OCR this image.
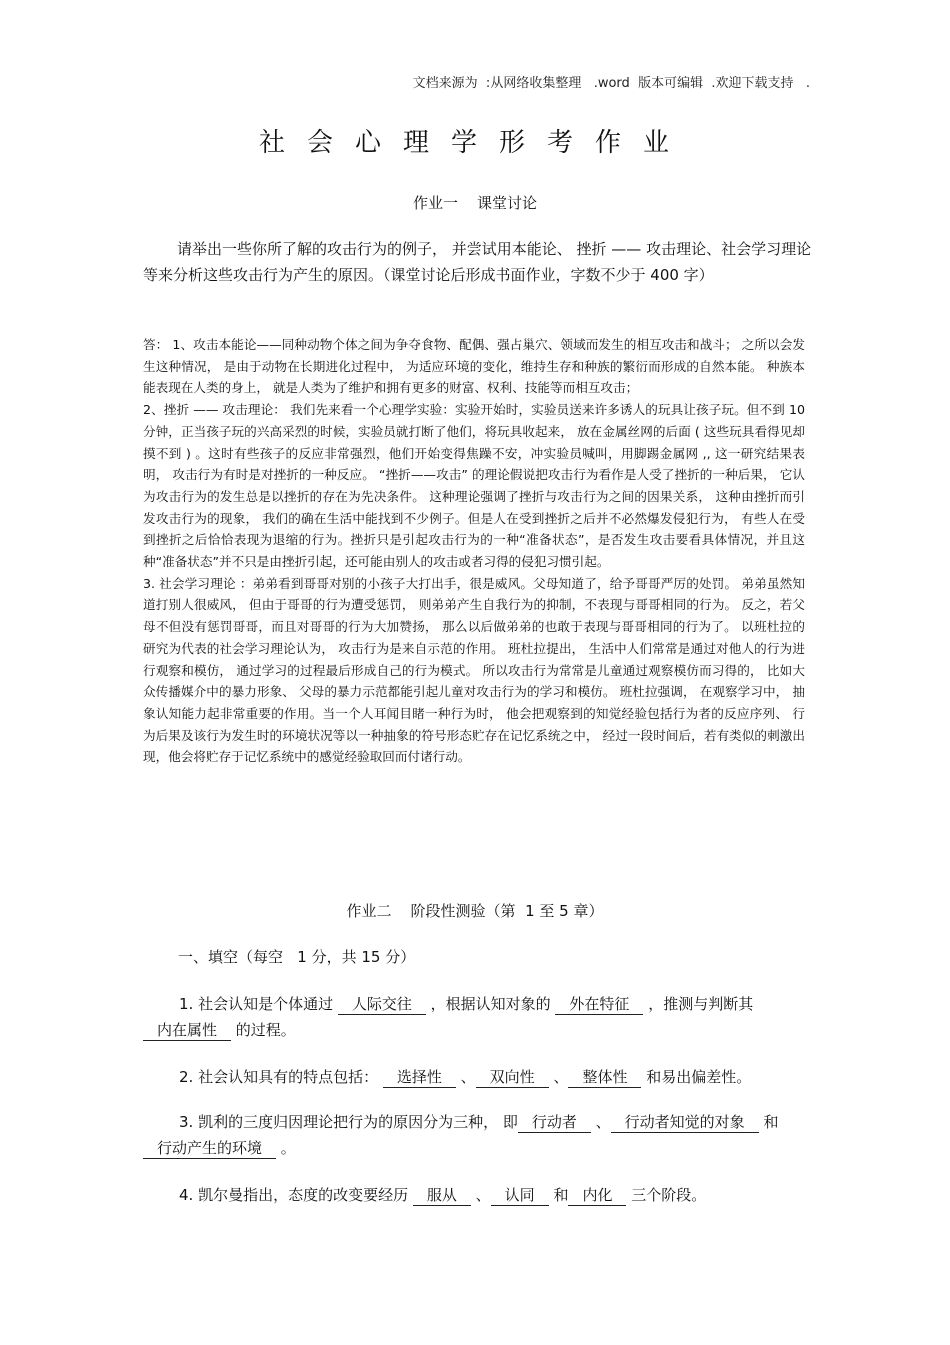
文档来源为  :从网络收集整理   .word  版本可编辑  .欢迎下载支持   .
社会心理学形考作业
作业一    课堂讨论

请举出一些你所了解的攻击行为的例子， 并尝试用本能论、 挫折 —— 攻击理论、社会学习理论等来分析这些攻击行为产生的原因。（课堂讨论后形成书面作业，字数不少于 400 字）

答： 1、攻击本能论——同种动物个体之间为争夺食物、配偶、强占巢穴、领域而发生的相互攻击和战斗； 之所以会发生这种情况， 是由于动物在长期进化过程中， 为适应环境的变化，维持生存和种族的繁衍而形成的自然本能。 种族本能表现在人类的身上， 就是人类为了维护和拥有更多的财富、权利、技能等而相互攻击；

2、挫折 —— 攻击理论： 我们先来看一个心理学实验：实验开始时，实验员送来许多诱人的玩具让孩子玩。但不到 10 分钟，正当孩子玩的兴高采烈的时候，实验员就打断了他们，将玩具收起来， 放在金属丝网的后面 ( 这些玩具看得见却摸不到 ) 。这时有些孩子的反应非常强烈，他们开始变得焦躁不安，冲实验员喊叫，用脚踢金属网 ,, 这一研究结果表明， 攻击行为有时是对挫折的一种反应。 “挫折——攻击” 的理论假说把攻击行为看作是人受了挫折的一种后果， 它认为攻击行为的发生总是以挫折的存在为先决条件。 这种理论强调了挫折与攻击行为之间的因果关系， 这种由挫折而引发攻击行为的现象， 我们的确在生活中能找到不少例子。但是人在受到挫折之后并不必然爆发侵犯行为， 有些人在受到挫折之后恰恰表现为退缩的行为。挫折只是引起攻击行为的一种“准备状态”，是否发生攻击要看具体情况，并且这种“准备状态”并不只是由挫折引起，还可能由别人的攻击或者习得的侵犯习惯引起。

3. 社会学习理论 ：弟弟看到哥哥对别的小孩子大打出手，很是威风。父母知道了，给予哥哥严厉的处罚。 弟弟虽然知道打别人很威风， 但由于哥哥的行为遭受惩罚， 则弟弟产生自我行为的抑制，不表现与哥哥相同的行为。 反之，若父母不但没有惩罚哥哥，而且对哥哥的行为大加赞扬， 那么以后做弟弟的也敢于表现与哥哥相同的行为了。 以班杜拉的研究为代表的社会学习理论认为， 攻击行为是来自示范的作用。 班杜拉提出， 生活中人们常常是通过对他人的行为进行观察和模仿， 通过学习的过程最后形成自己的行为模式。 所以攻击行为常常是儿童通过观察模仿而习得的， 比如大众传播媒介中的暴力形象、 父母的暴力示范都能引起儿童对攻击行为的学习和模仿。 班杜拉强调， 在观察学习中， 抽象认知能力起非常重要的作用。当一个人耳闻目睹一种行为时， 他会把观察到的知觉经验包括行为者的反应序列、 行为后果及该行为发生时的环境状况等以一种抽象的符号形态贮存在记忆系统之中， 经过一段时间后，若有类似的刺激出现，他会将贮存于记忆系统中的感觉经验取回而付诸行动。

作业二    阶段性测验（第  1 至 5 章）
一、填空（每空   1 分，共 15 分）

1. 社会认知是个体通过 人际交往 ，根据认知对象的 外在特征 ，推测与判断其 内在属性 的过程。

2. 社会认知具有的特点包括： 选择性 、 双向性 、 整体性 和易出偏差性。

3. 凯利的三度归因理论把行为的原因分为三种， 即 行动者 、 行动者知觉的对象 和 行动产生的环境 。

4. 凯尔曼指出，态度的改变要经历 服从 、 认同 和 内化 三个阶段。
